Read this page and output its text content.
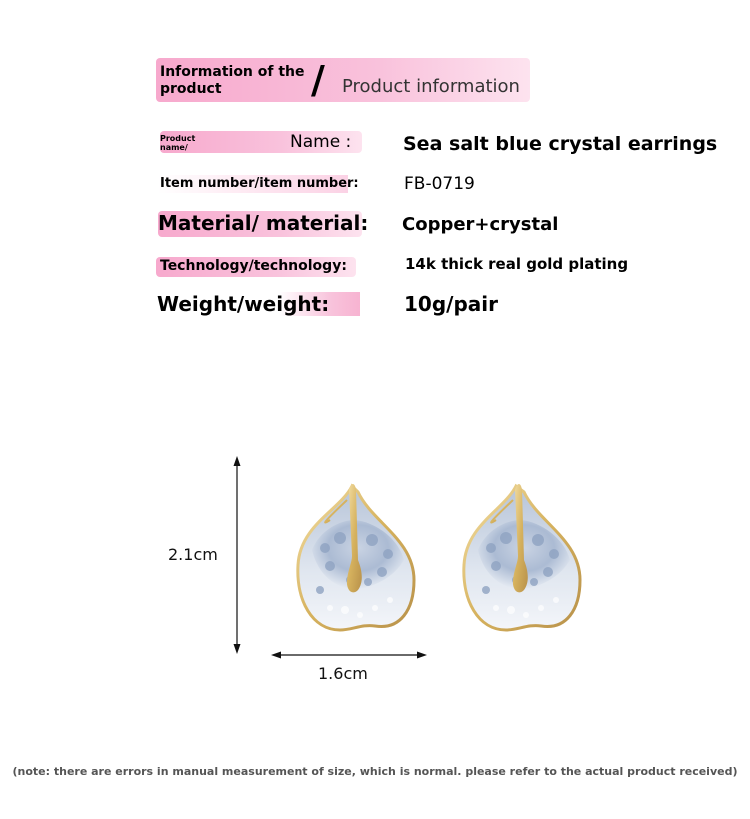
Information of the
product	/ Product information
Product
name/	Name :	Sea salt blue crystal earrings
Item number/item number:	FB-0719
Material/ material: Copper+crystal
Technology/technology:	14k thick real gold plating
Weight/weight:	10g/pair
2.1cm
1.6cm
(note: there are errors in manual measurement of size, which is normal. please refer to the actual product received)
